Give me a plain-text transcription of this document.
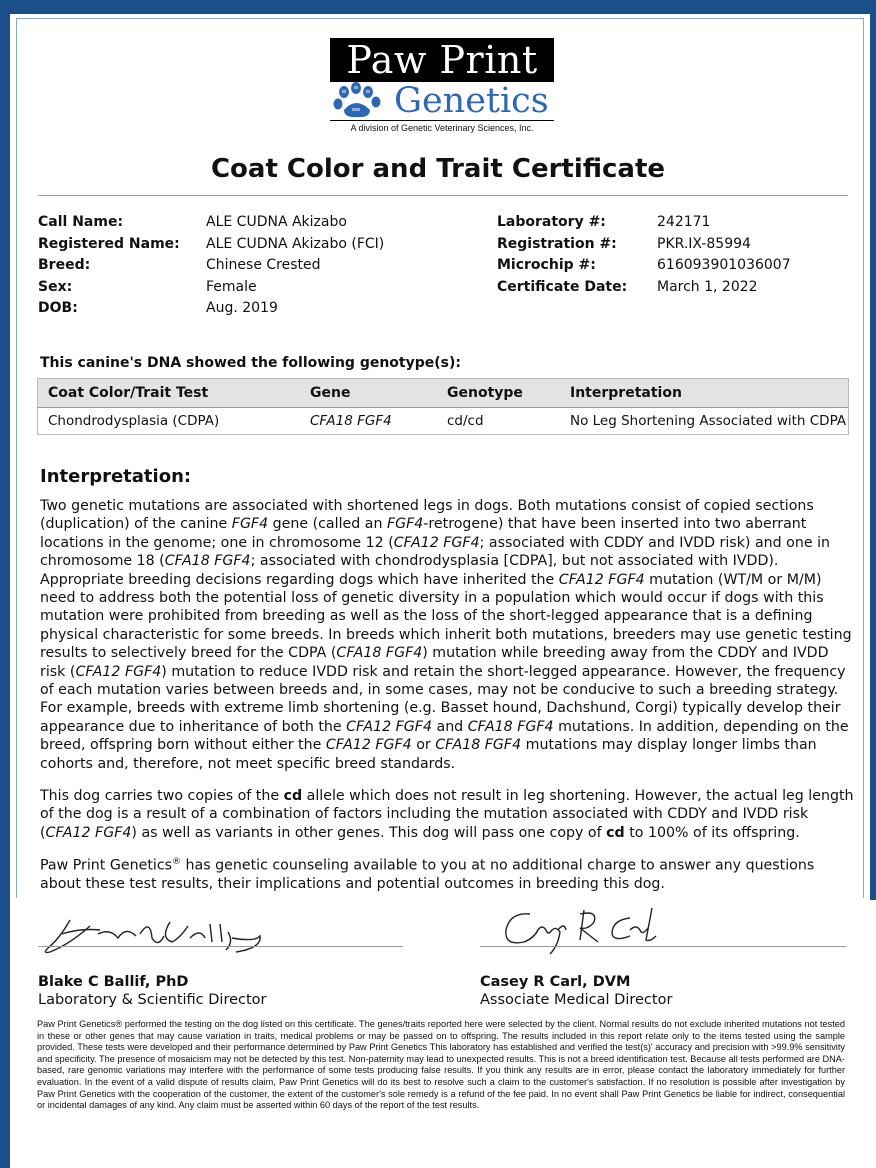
Paw Print
Genetics
A division of Genetic Veterinary Sciences, Inc.
Coat Color and Trait Certificate
Call Name:	ALE CUDNA Akizabo
Registered Name: ALE CUDNA Akizabo (FCI)
Breed:	Chinese Crested
Sex:	Female
DOB:	Aug. 2019
Laboratory #:	242171
Registration #:	PKR.IX-85994
Microchip #:	616093901036007
Certificate Date: March 1, 2022
This canine's DNA showed the following genotype(s):
Coat Color/Trait Test	Gene	Genotype	Interpretation
Chondrodysplasia (CDPA)	CFA18 FGF4	cd/cd	No Leg Shortening Associated with CDPA
Interpretation:
Two genetic mutations are associated with shortened legs in dogs. Both mutations consist of copied sections (duplication) of the canine FGF4 gene (called an FGF4-retrogene) that have been inserted into two aberrant locations in the genome; one in chromosome 12 (CFA12 FGF4; associated with CDDY and IVDD risk) and one in chromosome 18 (CFA18 FGF4; associated with chondrodysplasia [CDPA], but not associated with IVDD). Appropriate breeding decisions regarding dogs which have inherited the CFA12 FGF4 mutation (WT/M or M/M) need to address both the potential loss of genetic diversity in a population which would occur if dogs with this mutation were prohibited from breeding as well as the loss of the short-legged appearance that is a defining physical characteristic for some breeds. In breeds which inherit both mutations, breeders may use genetic testing results to selectively breed for the CDPA (CFA18 FGF4) mutation while breeding away from the CDDY and IVDD risk (CFA12 FGF4) mutation to reduce IVDD risk and retain the short-legged appearance. However, the frequency of each mutation varies between breeds and, in some cases, may not be conducive to such a breeding strategy. For example, breeds with extreme limb shortening (e.g. Basset hound, Dachshund, Corgi) typically develop their appearance due to inheritance of both the CFA12 FGF4 and CFA18 FGF4 mutations. In addition, depending on the breed, offspring born without either the CFA12 FGF4 or CFA18 FGF4 mutations may display longer limbs than cohorts and, therefore, not meet specific breed standards.
This dog carries two copies of the cd allele which does not result in leg shortening. However, the actual leg length of the dog is a result of a combination of factors including the mutation associated with CDDY and IVDD risk (CFA12 FGF4) as well as variants in other genes. This dog will pass one copy of cd to 100% of its offspring.
Paw Print Genetics® has genetic counseling available to you at no additional charge to answer any questions about these test results, their implications and potential outcomes in breeding this dog.
Blake C Ballif, PhD
Laboratory & Scientific Director
Casey R Carl, DVM
Associate Medical Director
Paw Print Genetics® performed the testing on the dog listed on this certificate. The genes/traits reported here were selected by the client. Normal results do not exclude inherited mutations not tested in these or other genes that may cause variation in traits, medical problems or may be passed on to offspring. The results included in this report relate only to the items tested using the sample provided. These tests were developed and their performance determined by Paw Print Genetics This laboratory has established and verified the test(s)' accuracy and precision with >99.9% sensitivity and specificity. The presence of mosaicism may not be detected by this test. Non-paternity may lead to unexpected results. This is not a breed identification test. Because all tests performed are DNA-based, rare genomic variations may interfere with the performance of some tests producing false results. If you think any results are in error, please contact the laboratory immediately for further evaluation. In the event of a valid dispute of results claim, Paw Print Genetics will do its best to resolve such a claim to the customer's satisfaction. If no resolution is possible after investigation by Paw Print Genetics with the cooperation of the customer, the extent of the customer's sole remedy is a refund of the fee paid. In no event shall Paw Print Genetics be liable for indirect, consequential or incidental damages of any kind. Any claim must be asserted within 60 days of the report of the test results.
